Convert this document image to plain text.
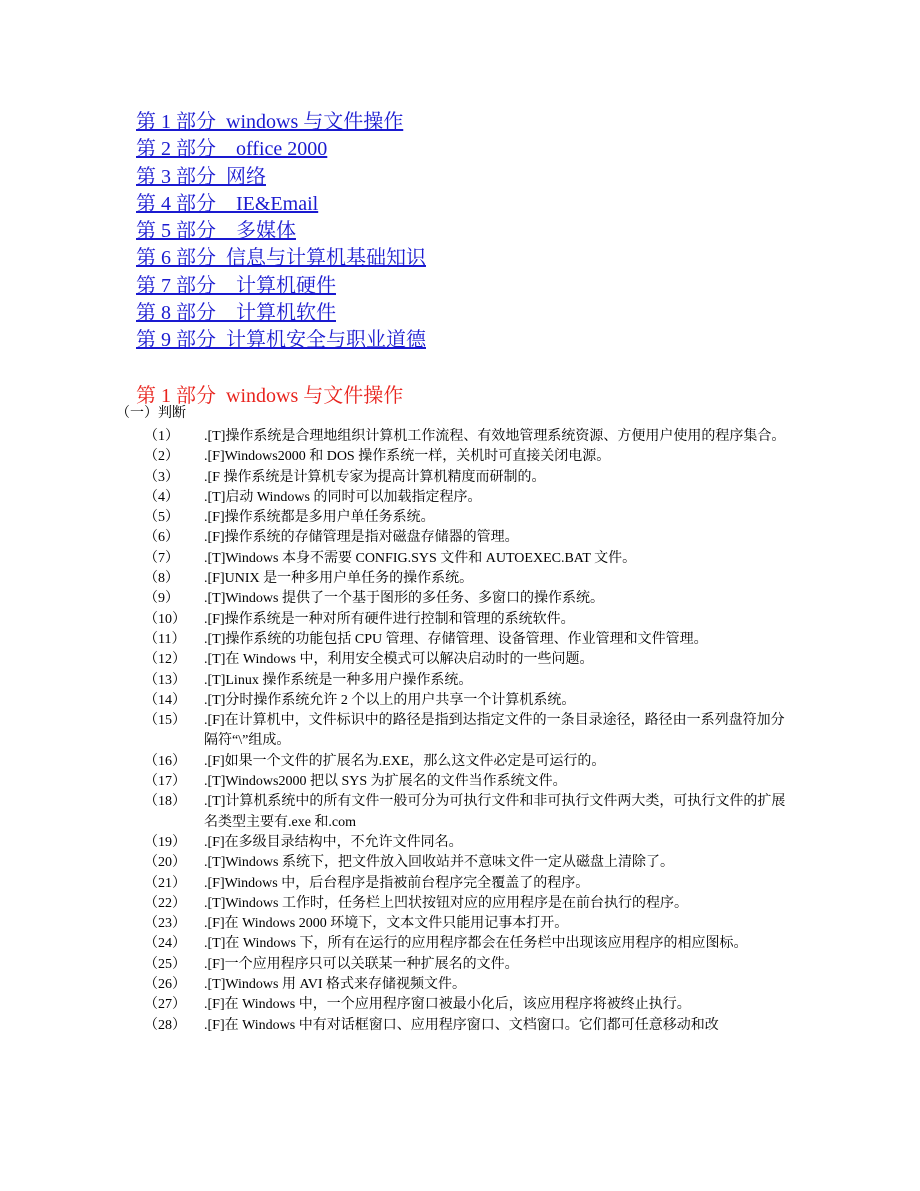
第 1 部分  windows 与文件操作
第 2 部分    office 2000
第 3 部分  网络
第 4 部分    IE&Email
第 5 部分    多媒体
第 6 部分  信息与计算机基础知识
第 7 部分    计算机硬件
第 8 部分    计算机软件
第 9 部分  计算机安全与职业道德
第 1 部分  windows 与文件操作
（一）判断
（1）	.[T]操作系统是合理地组织计算机工作流程、有效地管理系统资源、方便用户使用的程序集合。
（2）	.[F]Windows2000 和 DOS 操作系统一样，关机时可直接关闭电源。
（3）	.[F 操作系统是计算机专家为提高计算机精度而研制的。
（4）	.[T]启动 Windows 的同时可以加载指定程序。
（5）	.[F]操作系统都是多用户单任务系统。
（6）	.[F]操作系统的存储管理是指对磁盘存储器的管理。
（7）	.[T]Windows 本身不需要 CONFIG.SYS 文件和 AUTOEXEC.BAT 文件。
（8）	.[F]UNIX 是一种多用户单任务的操作系统。
（9）	.[T]Windows 提供了一个基于图形的多任务、多窗口的操作系统。
（10）	.[F]操作系统是一种对所有硬件进行控制和管理的系统软件。
（11）	.[T]操作系统的功能包括 CPU 管理、存储管理、设备管理、作业管理和文件管理。
（12）	.[T]在 Windows 中，利用安全模式可以解决启动时的一些问题。
（13）	.[T]Linux 操作系统是一种多用户操作系统。
（14）	.[T]分时操作系统允许 2 个以上的用户共享一个计算机系统。
（15）	.[F]在计算机中，文件标识中的路径是指到达指定文件的一条目录途径，路径由一系列盘符加分隔符“\”组成。
（16）	.[F]如果一个文件的扩展名为.EXE，那么这文件必定是可运行的。
（17）	.[T]Windows2000 把以 SYS 为扩展名的文件当作系统文件。
（18）	.[T]计算机系统中的所有文件一般可分为可执行文件和非可执行文件两大类，可执行文件的扩展名类型主要有.exe 和.com
（19）	.[F]在多级目录结构中，不允许文件同名。
（20）	.[T]Windows 系统下，把文件放入回收站并不意味文件一定从磁盘上清除了。
（21）	.[F]Windows 中，后台程序是指被前台程序完全覆盖了的程序。
（22）	.[T]Windows 工作时，任务栏上凹状按钮对应的应用程序是在前台执行的程序。
（23）	.[F]在 Windows 2000 环境下，文本文件只能用记事本打开。
（24）	.[T]在 Windows 下，所有在运行的应用程序都会在任务栏中出现该应用程序的相应图标。
（25）	.[F]一个应用程序只可以关联某一种扩展名的文件。
（26）	.[T]Windows 用 AVI 格式来存储视频文件。
（27）	.[F]在 Windows 中，一个应用程序窗口被最小化后，该应用程序将被终止执行。
（28）	.[F]在 Windows 中有对话框窗口、应用程序窗口、文档窗口。它们都可任意移动和改
